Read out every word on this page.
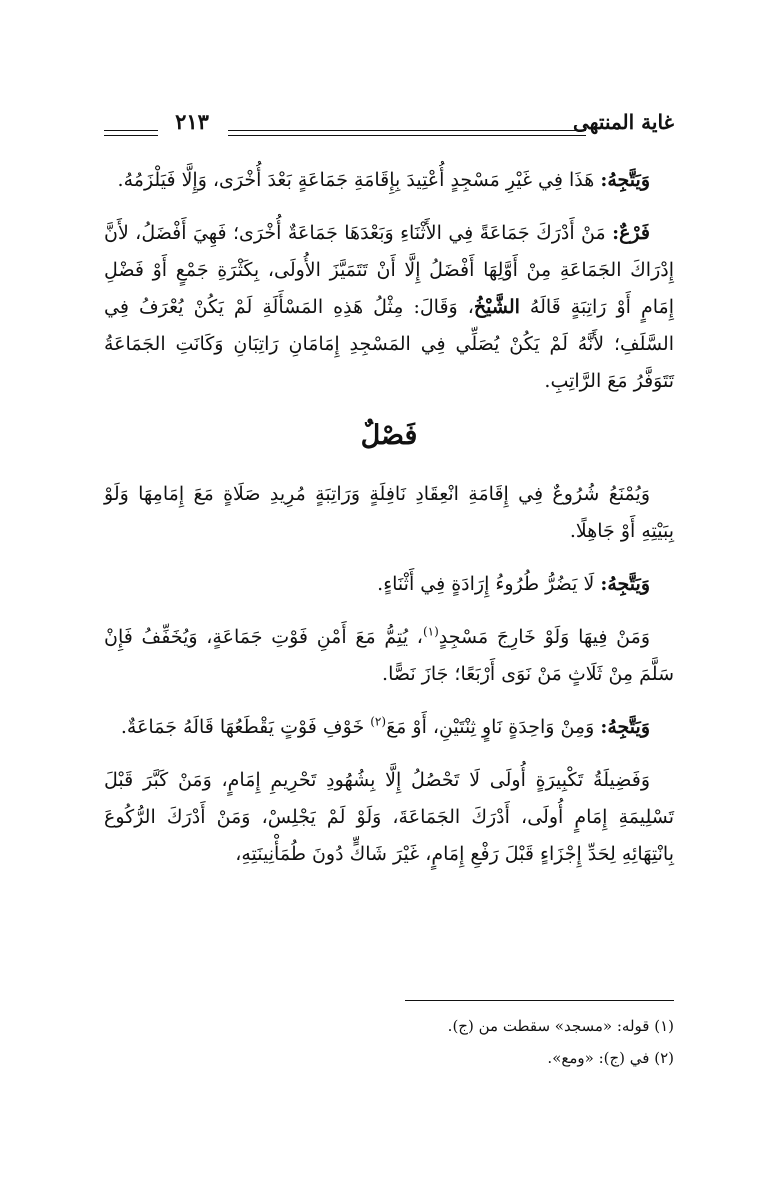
غاية المنتهى
٢١٣

وَيَتَّجِهُ: هَذَا فِي غَيْرِ مَسْجِدٍ أُعْتِيدَ بِإِقَامَةِ جَمَاعَةٍ بَعْدَ أُخْرَى، وَإِلَّا فَيَلْزَمُهُ.

فَرْعٌ: مَنْ أَدْرَكَ جَمَاعَةً فِي الأَثْنَاءِ وَبَعْدَهَا جَمَاعَةٌ أُخْرَى؛ فَهِيَ أَفْضَلُ، لأَنَّ إِدْرَاكَ الجَمَاعَةِ مِنْ أَوَّلِهَا أَفْضَلُ إِلَّا أَنْ تَتَمَيَّزَ الأُولَى، بِكَثْرَةِ جَمْعٍ أَوْ فَضْلِ إِمَامٍ أَوْ رَاتِبَةٍ قَالَهُ الشَّيْخُ، وَقَالَ: مِثْلُ هَذِهِ المَسْأَلَةِ لَمْ يَكُنْ يُعْرَفُ فِي السَّلَفِ؛ لأَنَّهُ لَمْ يَكُنْ يُصَلِّي فِي المَسْجِدِ إِمَامَانِ رَاتِبَانِ وَكَانَتِ الجَمَاعَةُ تَتَوَفَّرُ مَعَ الرَّاتِبِ.

فَصْلٌ

وَيُمْنَعُ شُرُوعٌ فِي إِقَامَةِ انْعِقَادِ نَافِلَةٍ وَرَاتِبَةٍ مُرِيدِ صَلَاةٍ مَعَ إِمَامِهَا وَلَوْ بِبَيْتِهِ أَوْ جَاهِلًا.

وَيَتَّجِهُ: لَا يَضُرُّ طُرُوءُ إِرَادَةٍ فِي أَثْنَاءٍ.

وَمَنْ فِيهَا وَلَوْ خَارِجَ مَسْجِدٍ$^{(١)}$، يُتِمُّ مَعَ أَمْنِ فَوْتِ جَمَاعَةٍ، وَيُخَفِّفُ فَإِنْ سَلَّمَ مِنْ ثَلَاثٍ مَنْ نَوَى أَرْبَعًا؛ جَازَ نَصًّا.

وَيَتَّجِهُ: وَمِنْ وَاحِدَةٍ نَاوٍ ثِنْتَيْنِ، أَوْ مَعَ$^{(٢)}$ خَوْفِ فَوْتٍ يَقْطَعُهَا قَالَهُ جَمَاعَةٌ.

وَفَضِيلَةُ تَكْبِيرَةٍ أُولَى لَا تَحْصُلُ إِلَّا بِشُهُودِ تَحْرِيمِ إِمَامٍ، وَمَنْ كَبَّرَ قَبْلَ تَسْلِيمَةِ إِمَامٍ أُولَى، أَدْرَكَ الجَمَاعَةَ، وَلَوْ لَمْ يَجْلِسْ، وَمَنْ أَدْرَكَ الرُّكُوعَ بِانْتِهَائِهِ لِحَدِّ إِجْزَاءٍ قَبْلَ رَفْعِ إِمَامٍ، غَيْرَ شَاكٍّ دُونَ طُمَأْنِينَتِهِ،

(١) قوله: «مسجد» سقطت من (ج).

(٢) في (ج): «ومع».
